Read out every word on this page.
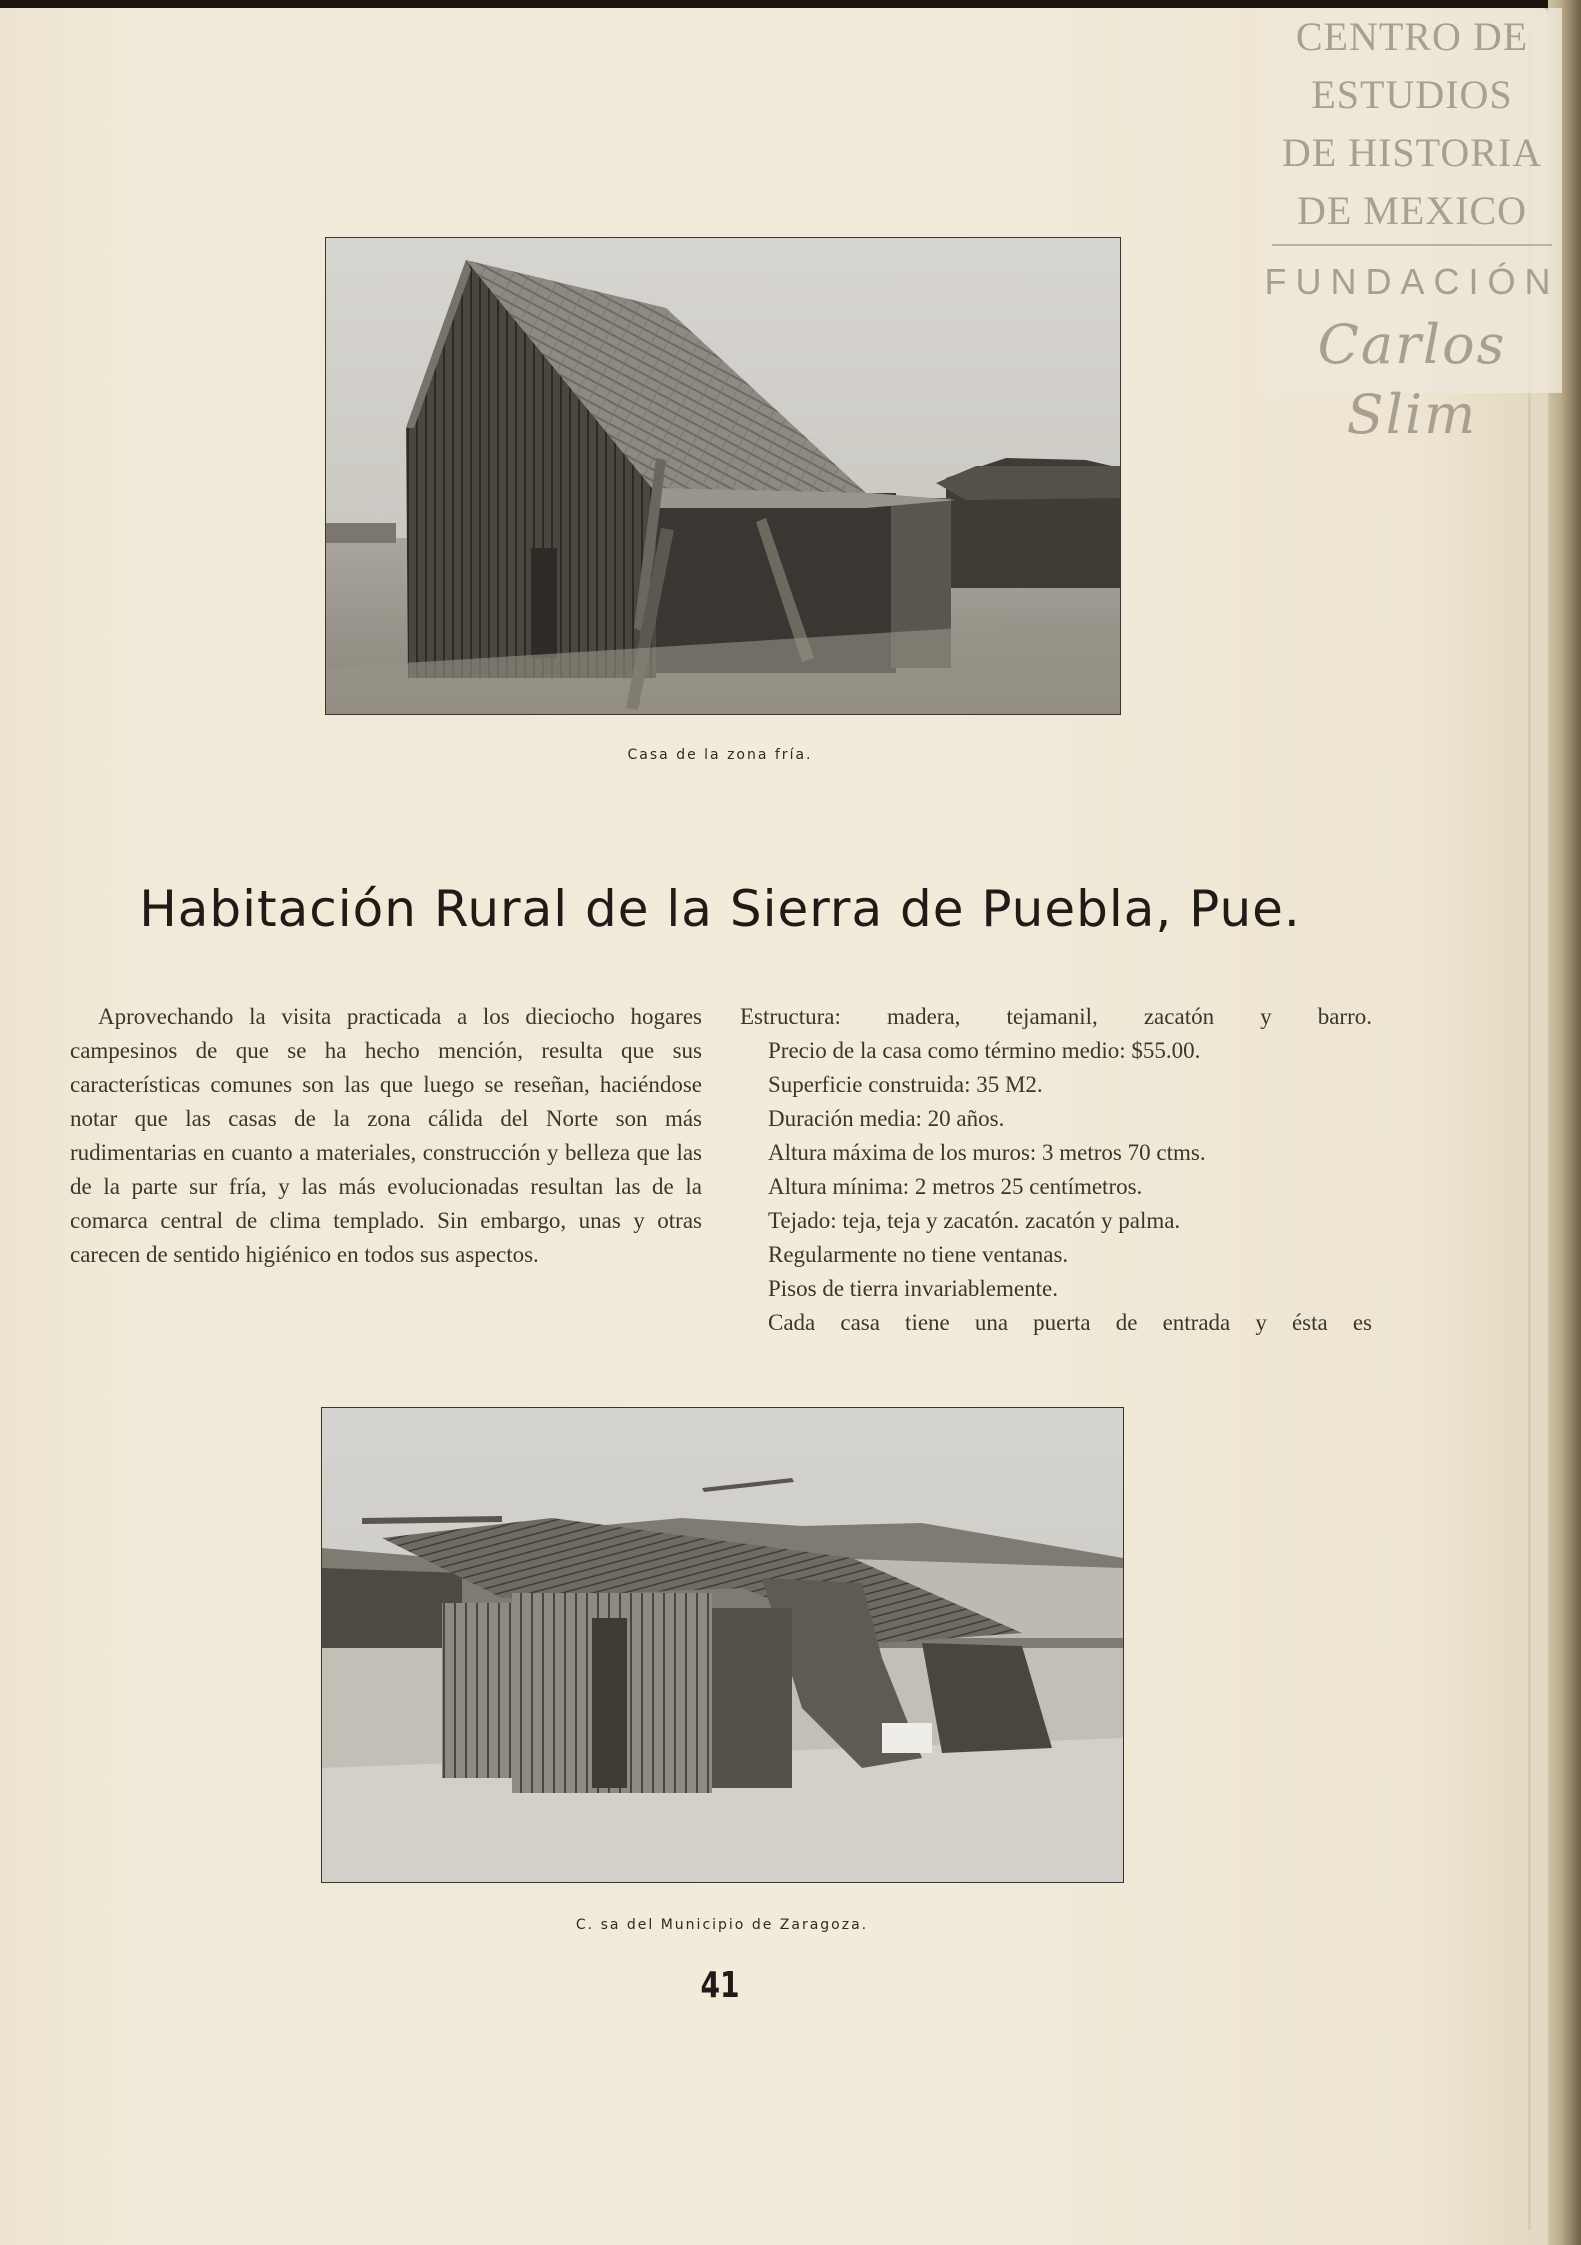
CENTRO DE
ESTUDIOS
DE HISTORIA
DE MEXICO
FUNDACIÓN
Carlos Slim
Casa de la zona fría.
Habitación Rural de la Sierra de Puebla, Pue.

Aprovechando la visita practicada a los dieciocho hogares campesinos de que se ha hecho mención, resulta que sus características comunes son las que luego se reseñan, haciéndose notar que las casas de la zona cálida del Norte son más rudimentarias en cuanto a materiales, construcción y belleza que las de la parte sur fría, y las más evolucionadas resultan las de la comarca central de clima templado. Sin embargo, unas y otras carecen de sentido higiénico en todos sus aspectos.

Estructura: madera, tejamanil, zacatón y barro.

Precio de la casa como término medio: $55.00.

Superficie construida: 35 M2.

Duración media: 20 años.

Altura máxima de los muros: 3 metros 70 ctms.

Altura mínima: 2 metros 25 centímetros.

Tejado: teja, teja y zacatón. zacatón y palma.

Regularmente no tiene ventanas.

Pisos de tierra invariablemente.

Cada casa tiene una puerta de entrada y ésta es

C. sa del Municipio de Zaragoza.
41
